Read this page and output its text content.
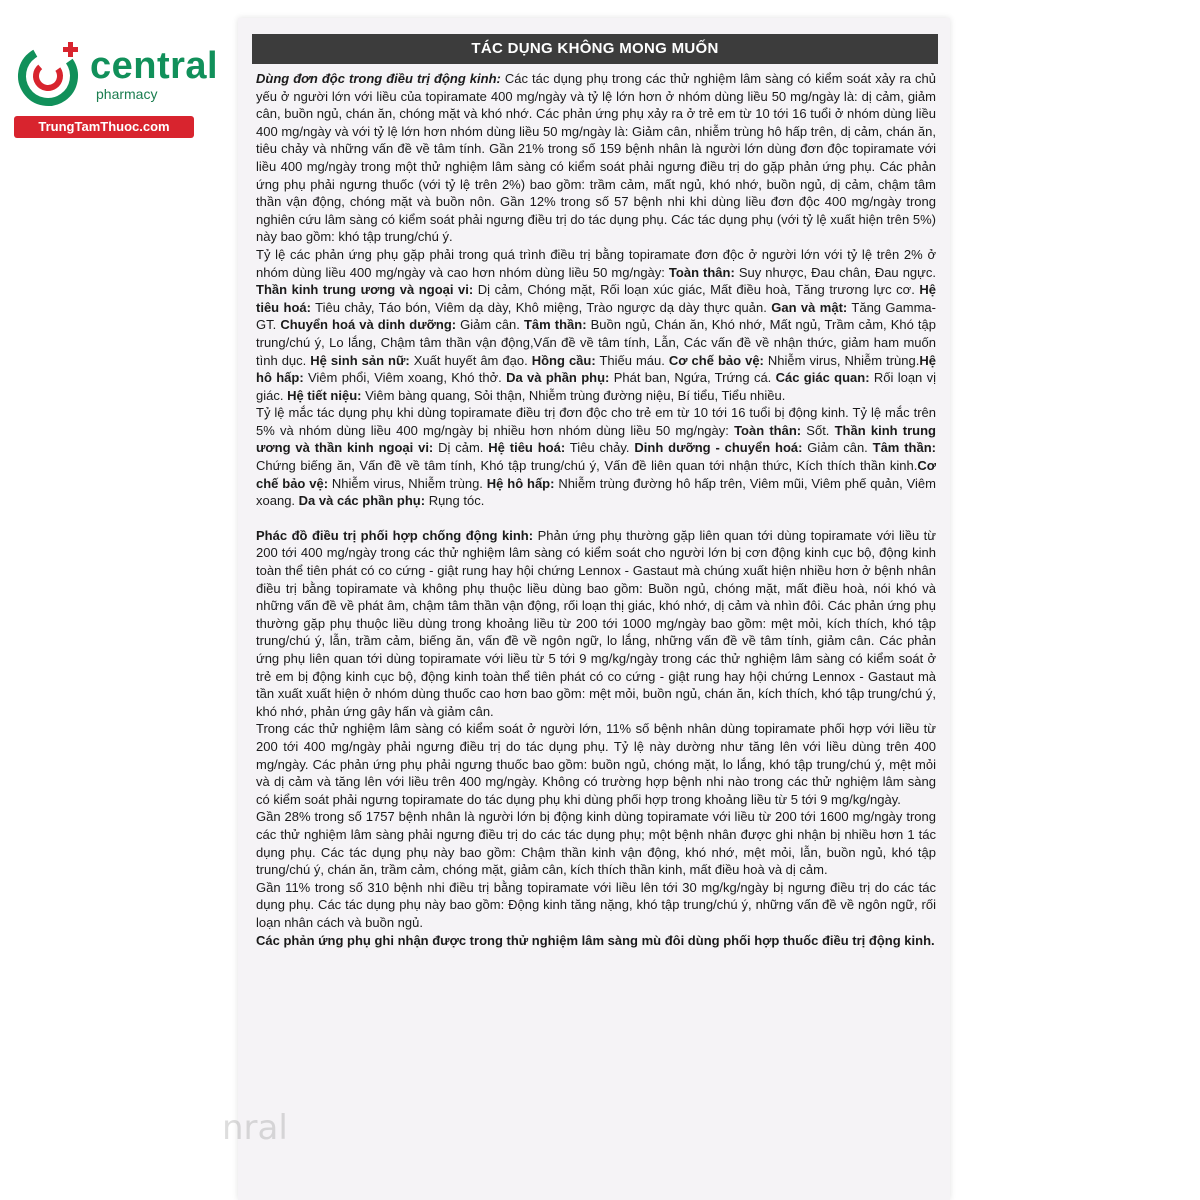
central
pharmacy
TrungTamThuoc.com
TÁC DỤNG KHÔNG MONG MUỐN

Dùng đơn độc trong điều trị động kinh: Các tác dụng phụ trong các thử nghiệm lâm sàng có kiểm soát xảy ra chủ yếu ở người lớn với liều của topiramate 400 mg/ngày và tỷ lệ lớn hơn ở nhóm dùng liều 50 mg/ngày là: dị cảm, giảm cân, buồn ngủ, chán ăn, chóng mặt và khó nhớ. Các phản ứng phụ xảy ra ở trẻ em từ 10 tới 16 tuổi ở nhóm dùng liều 400 mg/ngày và với tỷ lệ lớn hơn nhóm dùng liều 50 mg/ngày là: Giảm cân, nhiễm trùng hô hấp trên, dị cảm, chán ăn, tiêu chảy và những vấn đề về tâm tính. Gần 21% trong số 159 bệnh nhân là người lớn dùng đơn độc topiramate với liều 400 mg/ngày trong một thử nghiệm lâm sàng có kiểm soát phải ngưng điều trị do gặp phản ứng phụ. Các phản ứng phụ phải ngưng thuốc (với tỷ lệ trên 2%) bao gồm: trầm cảm, mất ngủ, khó nhớ, buồn ngủ, dị cảm, chậm tâm thần vận động, chóng mặt và buồn nôn. Gần 12% trong số 57 bệnh nhi khi dùng liều đơn độc 400 mg/ngày trong nghiên cứu lâm sàng có kiểm soát phải ngưng điều trị do tác dụng phụ. Các tác dụng phụ (với tỷ lệ xuất hiện trên 5%) này bao gồm: khó tập trung/chú ý.

Tỷ lệ các phản ứng phụ gặp phải trong quá trình điều trị bằng topiramate đơn độc ở người lớn với tỷ lệ trên 2% ở nhóm dùng liều 400 mg/ngày và cao hơn nhóm dùng liều 50 mg/ngày: Toàn thân: Suy nhược, Đau chân, Đau ngực. Thần kinh trung ương và ngoại vi: Dị cảm, Chóng mặt, Rối loạn xúc giác, Mất điều hoà, Tăng trương lực cơ. Hệ tiêu hoá: Tiêu chảy, Táo bón, Viêm dạ dày, Khô miệng, Trào ngược dạ dày thực quản. Gan và mật: Tăng Gamma-GT. Chuyển hoá và dinh dưỡng: Giảm cân. Tâm thần: Buồn ngủ, Chán ăn, Khó nhớ, Mất ngủ, Trầm cảm, Khó tập trung/chú ý, Lo lắng, Chậm tâm thần vận động,Vấn đề về tâm tính, Lẫn, Các vấn đề về nhận thức, giảm ham muốn tình dục. Hệ sinh sản nữ: Xuất huyết âm đạo. Hồng cầu: Thiếu máu. Cơ chế bảo vệ: Nhiễm virus, Nhiễm trùng.Hệ hô hấp: Viêm phổi, Viêm xoang, Khó thở. Da và phần phụ: Phát ban, Ngứa, Trứng cá. Các giác quan: Rối loạn vị giác. Hệ tiết niệu: Viêm bàng quang, Sỏi thận, Nhiễm trùng đường niệu, Bí tiểu, Tiểu nhiều.

Tỷ lệ mắc tác dụng phụ khi dùng topiramate điều trị đơn độc cho trẻ em từ 10 tới 16 tuổi bị động kinh. Tỷ lệ mắc trên 5% và nhóm dùng liều 400 mg/ngày bị nhiều hơn nhóm dùng liều 50 mg/ngày: Toàn thân: Sốt. Thần kinh trung ương và thần kinh ngoại vi: Dị cảm. Hệ tiêu hoá: Tiêu chảy. Dinh dưỡng - chuyển hoá: Giảm cân. Tâm thần: Chứng biếng ăn, Vấn đề về tâm tính, Khó tập trung/chú ý, Vấn đề liên quan tới nhận thức, Kích thích thần kinh.Cơ chế bảo vệ: Nhiễm virus, Nhiễm trùng. Hệ hô hấp: Nhiễm trùng đường hô hấp trên, Viêm mũi, Viêm phế quản, Viêm xoang. Da và các phần phụ: Rụng tóc.

Phác đồ điều trị phối hợp chống động kinh: Phản ứng phụ thường gặp liên quan tới dùng topiramate với liều từ 200 tới 400 mg/ngày trong các thử nghiệm lâm sàng có kiểm soát cho người lớn bị cơn động kinh cục bộ, động kinh toàn thể tiên phát có co cứng - giật rung hay hội chứng Lennox - Gastaut mà chúng xuất hiện nhiều hơn ở bệnh nhân điều trị bằng topiramate và không phụ thuộc liều dùng bao gồm: Buồn ngủ, chóng mặt, mất điều hoà, nói khó và những vấn đề về phát âm, chậm tâm thần vận động, rối loạn thị giác, khó nhớ, dị cảm và nhìn đôi. Các phản ứng phụ thường gặp phụ thuộc liều dùng trong khoảng liều từ 200 tới 1000 mg/ngày bao gồm: mệt mỏi, kích thích, khó tập trung/chú ý, lẫn, trầm cảm, biếng ăn, vấn đề về ngôn ngữ, lo lắng, những vấn đề về tâm tính, giảm cân. Các phản ứng phụ liên quan tới dùng topiramate với liều từ 5 tới 9 mg/kg/ngày trong các thử nghiệm lâm sàng có kiểm soát ở trẻ em bị động kinh cục bộ, động kinh toàn thể tiên phát có co cứng - giật rung hay hội chứng Lennox - Gastaut mà tần xuất xuất hiện ở nhóm dùng thuốc cao hơn bao gồm: mệt mỏi, buồn ngủ, chán ăn, kích thích, khó tập trung/chú ý, khó nhớ, phản ứng gây hấn và giảm cân.

Trong các thử nghiệm lâm sàng có kiểm soát ở người lớn, 11% số bệnh nhân dùng topiramate phối hợp với liều từ 200 tới 400 mg/ngày phải ngưng điều trị do tác dụng phụ. Tỷ lệ này dường như tăng lên với liều dùng trên 400 mg/ngày. Các phản ứng phụ phải ngưng thuốc bao gồm: buồn ngủ, chóng mặt, lo lắng, khó tập trung/chú ý, mệt mỏi và dị cảm và tăng lên với liều trên 400 mg/ngày. Không có trường hợp bệnh nhi nào trong các thử nghiệm lâm sàng có kiểm soát phải ngưng topiramate do tác dụng phụ khi dùng phối hợp trong khoảng liều từ 5 tới 9 mg/kg/ngày.

Gần 28% trong số 1757 bệnh nhân là người lớn bị động kinh dùng topiramate với liều từ 200 tới 1600 mg/ngày trong các thử nghiệm lâm sàng phải ngưng điều trị do các tác dụng phụ; một bệnh nhân được ghi nhận bị nhiều hơn 1 tác dụng phụ. Các tác dụng phụ này bao gồm: Chậm thần kinh vận động, khó nhớ, mệt mỏi, lẫn, buồn ngủ, khó tập trung/chú ý, chán ăn, trầm cảm, chóng mặt, giảm cân, kích thích thần kinh, mất điều hoà và dị cảm.

Gần 11% trong số 310 bệnh nhi điều trị bằng topiramate với liều lên tới 30 mg/kg/ngày bị ngưng điều trị do các tác dụng phụ. Các tác dụng phụ này bao gồm: Động kinh tăng nặng, khó tập trung/chú ý, những vấn đề về ngôn ngữ, rối loạn nhân cách và buồn ngủ.

Các phản ứng phụ ghi nhận được trong thử nghiệm lâm sàng mù đôi dùng phối hợp thuốc điều trị động kinh.

nral
